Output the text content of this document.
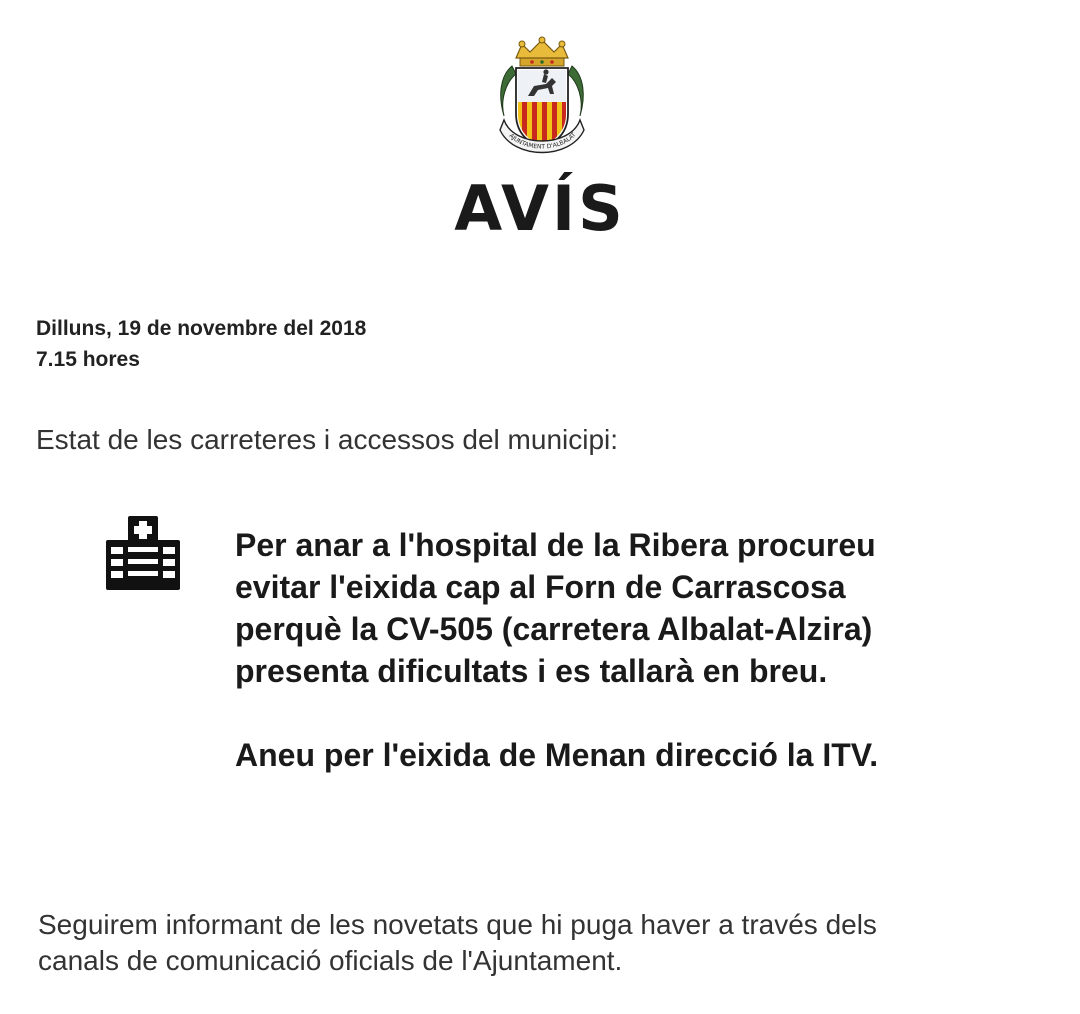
AJUNTAMENT D'ALBALAT
AVÍS
Dilluns, 19 de novembre del 2018
7.15 hores
Estat de les carreteres i accessos del municipi:

Per anar a l'hospital de la Ribera procureu
evitar l'eixida cap al Forn de Carrascosa
perquè la CV-505 (carretera Albalat-Alzira)
presenta dificultats i es tallarà en breu.

Aneu per l'eixida de Menan direcció la ITV.

Seguirem informant de les novetats que hi puga haver a través dels
canals de comunicació oficials de l'Ajuntament.
